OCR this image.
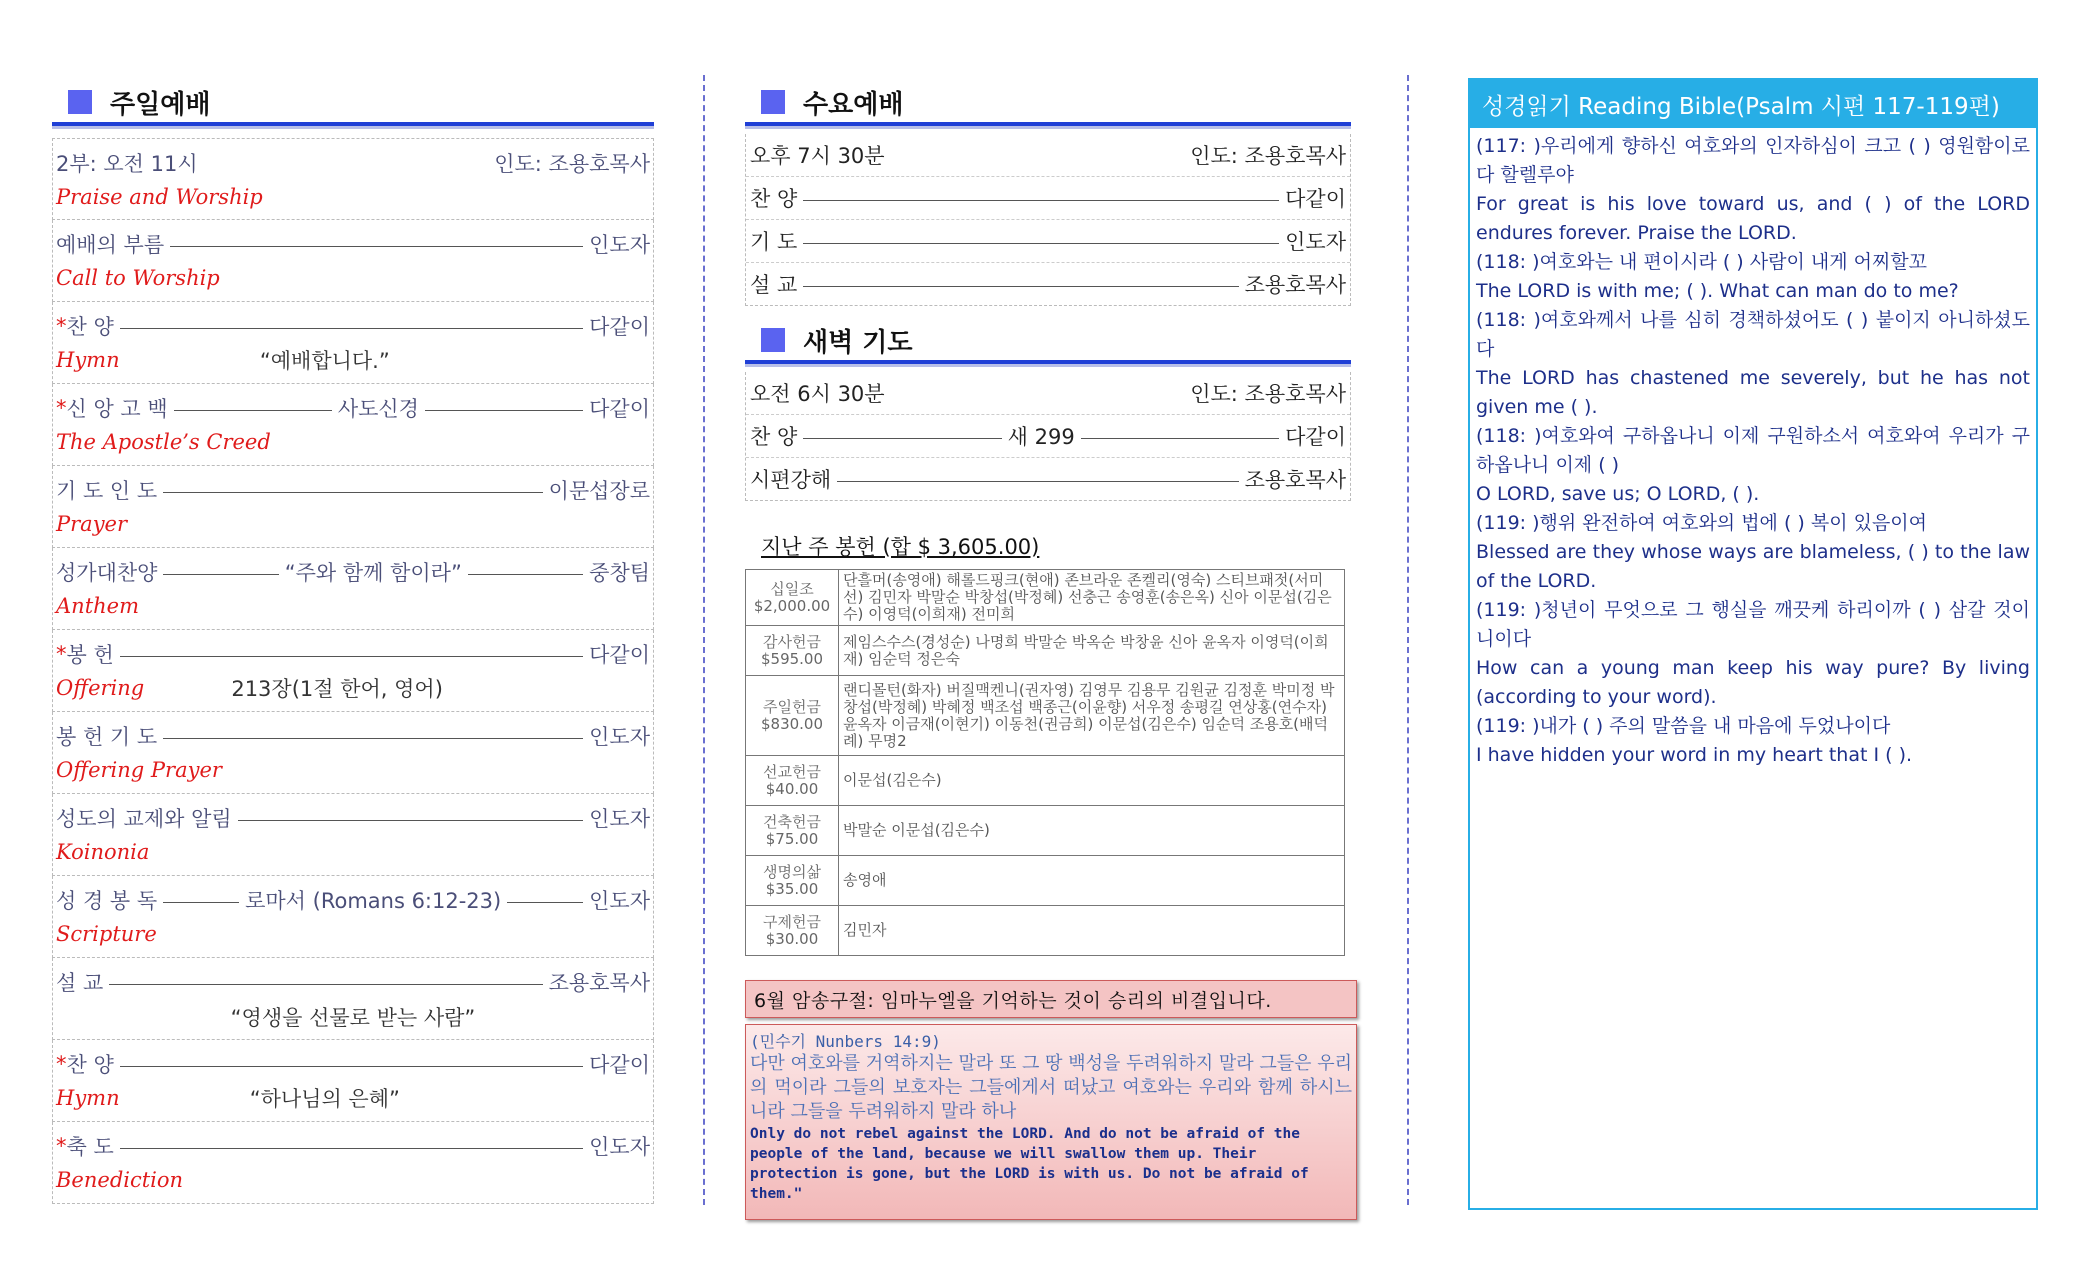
주일예배
2부: 오전 11시	인도: 조용호목사
Praise and Worship
예배의 부름	인도자
Call to Worship
* 찬 양	다같이
Hymn	“예배합니다.”
* 신 앙 고 백	사도신경	다같이
The Apostle’s Creed
기 도 인 도	이문섭장로
Prayer
성가대찬양	“주와 함께 함이라”	중창팀
Anthem
* 봉 헌	다같이
Offering	213장(1절 한어, 영어)
봉 헌 기 도	인도자
Offering Prayer
성도의 교제와 알림	인도자
Koinonia
성 경 봉 독	로마서 (Romans 6:12-23)	인도자
Scripture
설 교	조용호목사
“영생을 선물로 받는 사람”
* 찬 양	다같이
Hymn	“하나님의 은혜”
* 축 도	인도자
Benediction
수요예배
오후 7시 30분	인도: 조용호목사
찬 양	다같이
기 도	인도자
설 교	조용호목사
새벽 기도
오전 6시 30분	인도: 조용호목사
찬 양	새 299	다같이
시편강해	조용호목사
지난 주 봉헌 (합 $ 3,605.00)
십일조
$2,000.00	단흘머(송영애) 해롤드핑크(현애) 존브라운 존켈리(영숙) 스티브패젓(서미선) 김민자 박말순 박창섭(박정혜) 선충근 송영훈(송은옥) 신아 이문섭(김은수) 이영덕(이희재) 전미희

감사헌금
$595.00	제임스수스(경성순) 나명희 박말순 박옥순 박창윤 신아 윤옥자 이영덕(이희재) 임순덕 정은숙

주일헌금
$830.00	랜디몰턴(화자) 버질맥켄니(권자영) 김영무 김용무 김원균 김정훈 박미정 박창섭(박정혜) 박혜정 백조섭 백종근(이윤향) 서우정 송평길 연상홍(연수자) 윤옥자 이금재(이현기) 이동천(권금희) 이문섭(김은수) 임순덕 조용호(배덕례) 무명2

선교헌금
$40.00	이문섭(김은수)

건축헌금
$75.00	박말순 이문섭(김은수)

생명의삶
$35.00	송영애

구제헌금
$30.00	김민자
6월 암송구절: 임마누엘을 기억하는 것이 승리의 비결입니다.
(민수기 Nunbers 14:9)
다만 여호와를 거역하지는 말라 또 그 땅 백성을 두려워하지 말라 그들은 우리의 먹이라 그들의 보호자는 그들에게서 떠났고 여호와는 우리와 함께 하시느니라 그들을 두려워하지 말라 하나
Only do not rebel against the LORD. And do not be afraid of the people of the land, because we will swallow them up. Their protection is gone, but the LORD is with us. Do not be afraid of them."
성경읽기 Reading Bible(Psalm 시편 117-119편)

(117: )우리에게 향하신 여호와의 인자하심이 크고 ( ) 영원함이로다 할렐루야

For great is his love toward us, and ( ) of the LORD endures forever. Praise the LORD.

(118: )여호와는 내 편이시라 ( ) 사람이 내게 어찌할꼬

The LORD is with me; ( ). What can man do to me?

(118: )여호와께서 나를 심히 경책하셨어도 ( ) 붙이지 아니하셨도다

The LORD has chastened me severely, but he has not given me ( ).

(118: )여호와여 구하옵나니 이제 구원하소서 여호와여 우리가 구하옵나니 이제 ( )

O LORD, save us; O LORD, ( ).

(119: )행위 완전하여 여호와의 법에 ( ) 복이 있음이여

Blessed are they whose ways are blameless, ( ) to the law of the LORD.

(119: )청년이 무엇으로 그 행실을 깨끗케 하리이까 ( ) 삼갈 것이니이다

How can a young man keep his way pure? By living (according to your word).

(119: )내가 ( ) 주의 말씀을 내 마음에 두었나이다

I have hidden your word in my heart that I ( ).
